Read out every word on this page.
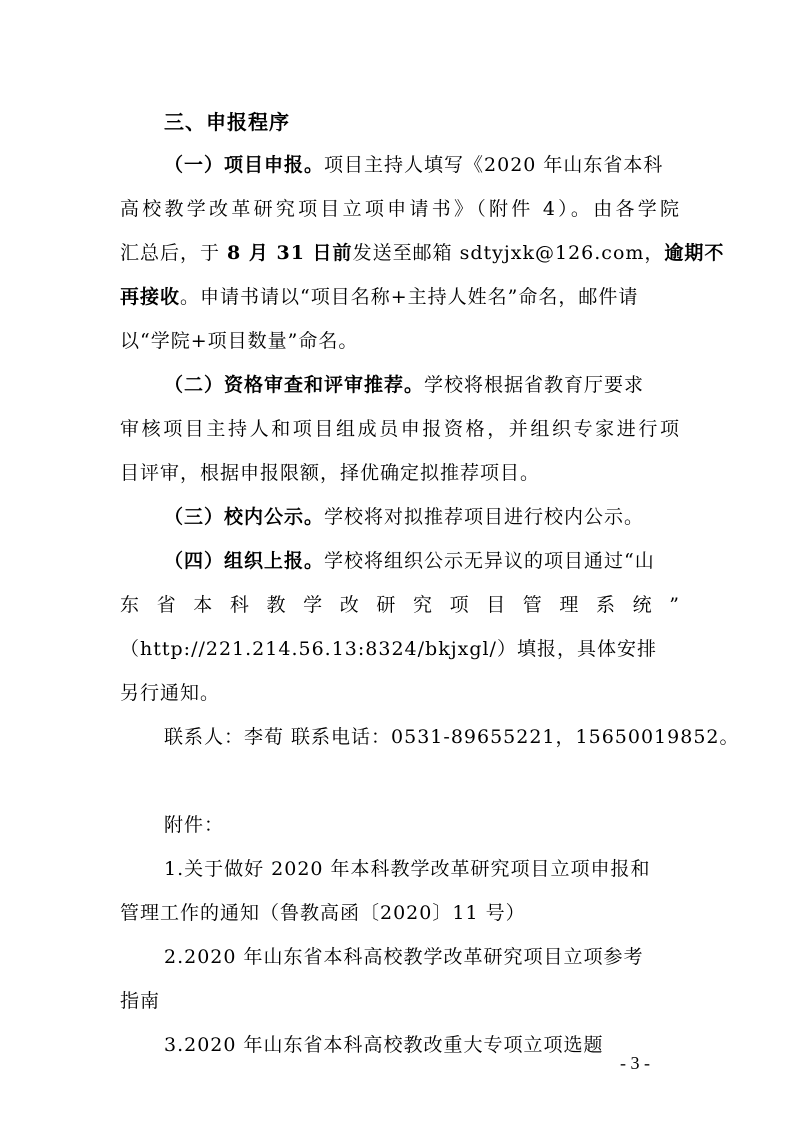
三、申报程序
（一）项目申报。项目主持人填写《2020 年山东省本科
高校教学改革研究项目立项申请书》（附件 4）。由各学院
汇总后，于 8 月 31 日前发送至邮箱 sdtyjxk@126.com，逾期不
再接收。申请书请以“项目名称+主持人姓名”命名，邮件请
以“学院+项目数量”命名。
（二）资格审查和评审推荐。学校将根据省教育厅要求
审核项目主持人和项目组成员申报资格，并组织专家进行项
目评审，根据申报限额，择优确定拟推荐项目。
（三）校内公示。学校将对拟推荐项目进行校内公示。
（四）组织上报。学校将组织公示无异议的项目通过“山
东省本科教学改研究项目管理系统”
（http://221.214.56.13:8324/bkjxgl/）填报，具体安排
另行通知。
联系人：李荀 联系电话：0531-89655221，15650019852。
附件：
1.关于做好 2020 年本科教学改革研究项目立项申报和
管理工作的通知（鲁教高函〔2020〕11 号）
2.2020 年山东省本科高校教学改革研究项目立项参考
指南
3.2020 年山东省本科高校教改重大专项立项选题
- 3 -
